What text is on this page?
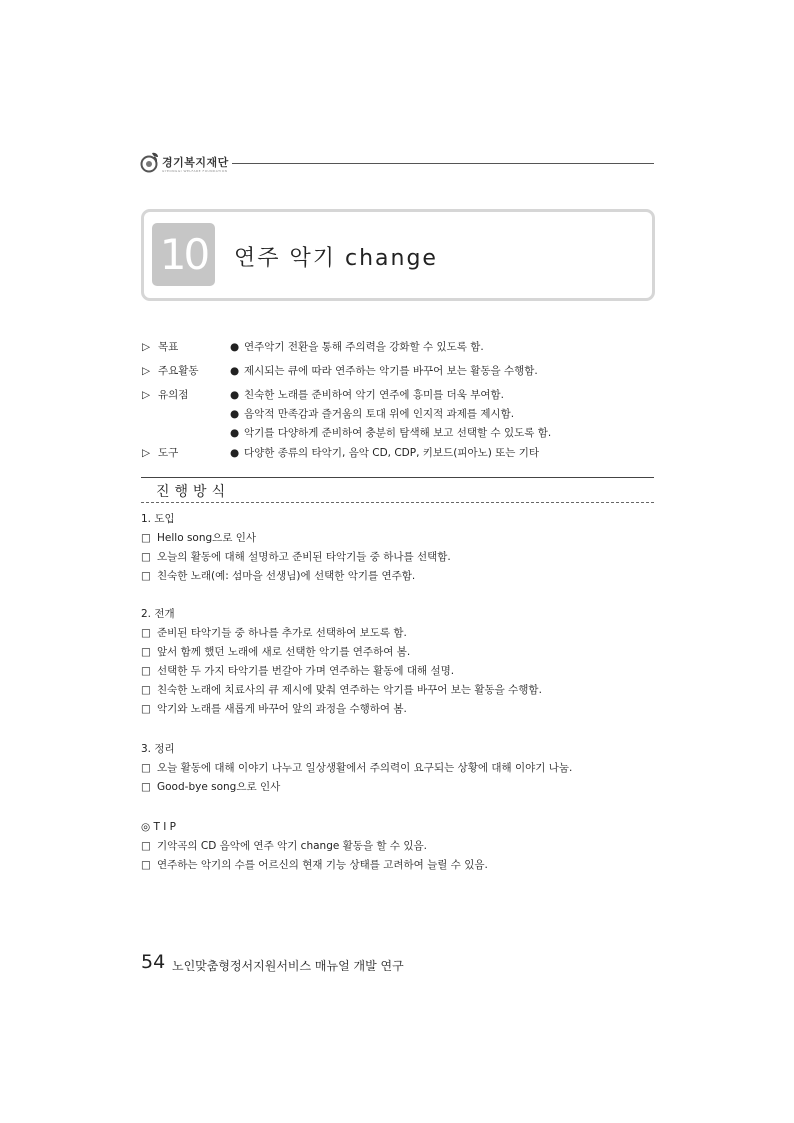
경기복지재단
GYEONGGI WELFARE FOUNDATION
10	연주 악기 change
▷ 목표	● 연주악기 전환을 통해 주의력을 강화할 수 있도록 함.
▷ 주요활동	● 제시되는 큐에 따라 연주하는 악기를 바꾸어 보는 활동을 수행함.
▷ 유의점	● 친숙한 노래를 준비하여 악기 연주에 흥미를 더욱 부여함.
● 음악적 만족감과 즐거움의 토대 위에 인지적 과제를 제시함.
● 악기를 다양하게 준비하여 충분히 탐색해 보고 선택할 수 있도록 함.
▷ 도구	● 다양한 종류의 타악기, 음악 CD, CDP, 키보드(피아노) 또는 기타
진행방식
1. 도입
□ Hello song으로 인사
□ 오늘의 활동에 대해 설명하고 준비된 타악기들 중 하나를 선택함.
□ 친숙한 노래(예: 섬마을 선생님)에 선택한 악기를 연주함.
2. 전개
□ 준비된 타악기들 중 하나를 추가로 선택하여 보도록 함.
□ 앞서 함께 했던 노래에 새로 선택한 악기를 연주하여 봄.
□ 선택한 두 가지 타악기를 번갈아 가며 연주하는 활동에 대해 설명.
□ 친숙한 노래에 치료사의 큐 제시에 맞춰 연주하는 악기를 바꾸어 보는 활동을 수행함.
□ 악기와 노래를 새롭게 바꾸어 앞의 과정을 수행하여 봄.
3. 정리
□ 오늘 활동에 대해 이야기 나누고 일상생활에서 주의력이 요구되는 상황에 대해 이야기 나눔.
□ Good-bye song으로 인사
◎ T I P
□ 기악곡의 CD 음악에 연주 악기 change 활동을 할 수 있음.
□ 연주하는 악기의 수를 어르신의 현재 기능 상태를 고려하여 늘릴 수 있음.
54 노인맞춤형정서지원서비스 매뉴얼 개발 연구
